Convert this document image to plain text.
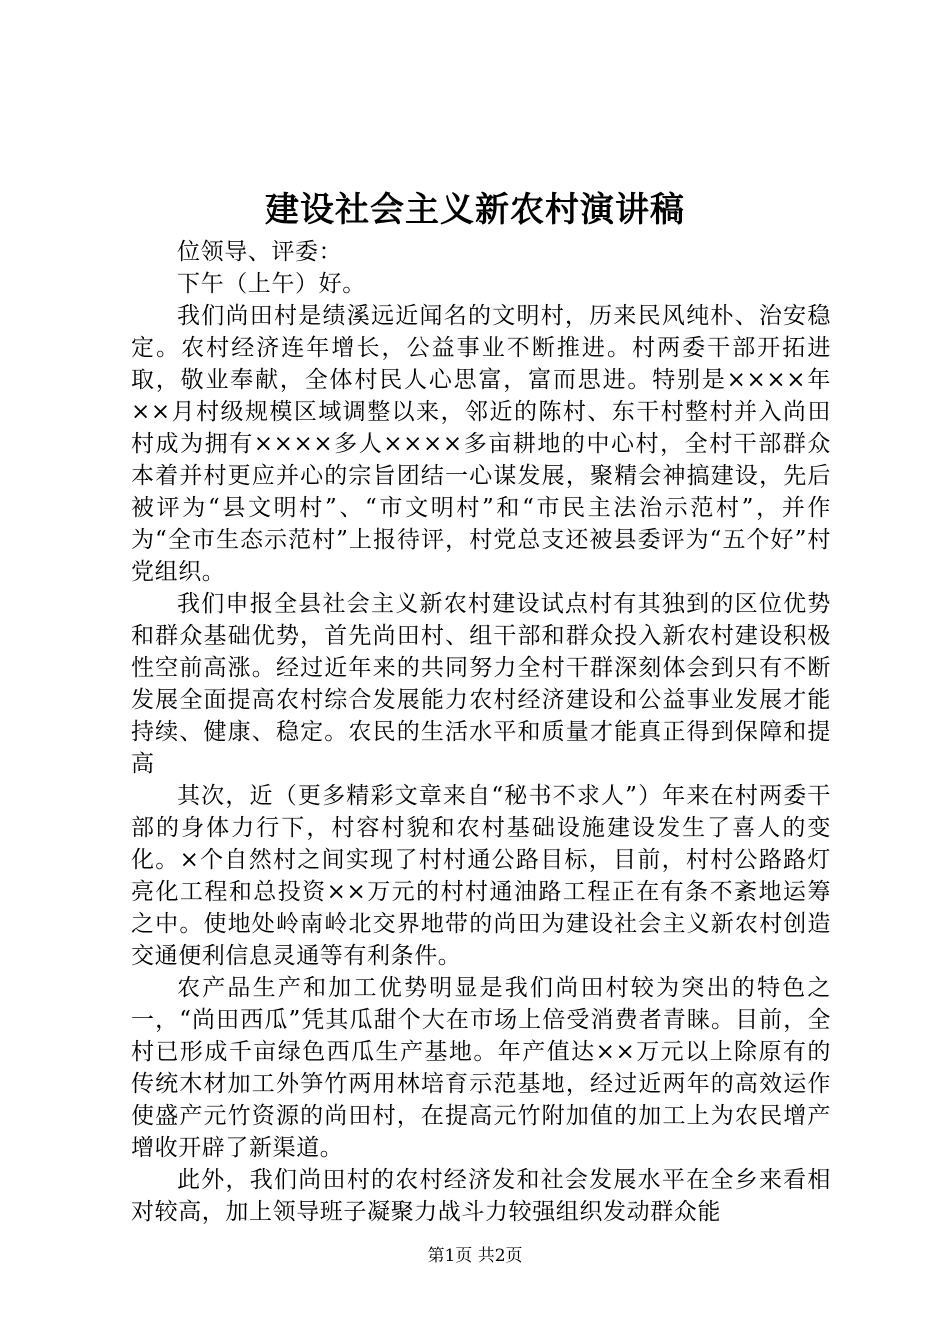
建设社会主义新农村演讲稿

位领导、评委：

下午（上午）好。

我们尚田村是绩溪远近闻名的文明村，历来民风纯朴、治安稳定。农村经济连年增长，公益事业不断推进。村两委干部开拓进取，敬业奉献，全体村民人心思富，富而思进。特别是××××年××月村级规模区域调整以来，邻近的陈村、东干村整村并入尚田村成为拥有××××多人××××多亩耕地的中心村，全村干部群众本着并村更应并心的宗旨团结一心谋发展，聚精会神搞建设，先后被评为“县文明村”、“市文明村”和“市民主法治示范村”，并作为“全市生态示范村”上报待评，村党总支还被县委评为“五个好”村党组织。

我们申报全县社会主义新农村建设试点村有其独到的区位优势和群众基础优势，首先尚田村、组干部和群众投入新农村建设积极性空前高涨。经过近年来的共同努力全村干群深刻体会到只有不断发展全面提高农村综合发展能力农村经济建设和公益事业发展才能持续、健康、稳定。农民的生活水平和质量才能真正得到保障和提高

其次，近（更多精彩文章来自“秘书不求人”）年来在村两委干部的身体力行下，村容村貌和农村基础设施建设发生了喜人的变化。×个自然村之间实现了村村通公路目标，目前，村村公路路灯亮化工程和总投资××万元的村村通油路工程正在有条不紊地运筹之中。使地处岭南岭北交界地带的尚田为建设社会主义新农村创造交通便利信息灵通等有利条件。

农产品生产和加工优势明显是我们尚田村较为突出的特色之一，“尚田西瓜”凭其瓜甜个大在市场上倍受消费者青睐。目前，全村已形成千亩绿色西瓜生产基地。年产值达××万元以上除原有的传统木材加工外笋竹两用林培育示范基地，经过近两年的高效运作使盛产元竹资源的尚田村，在提高元竹附加值的加工上为农民增产增收开辟了新渠道。

此外，我们尚田村的农村经济发和社会发展水平在全乡来看相对较高，加上领导班子凝聚力战斗力较强组织发动群众能

第1页 共2页
